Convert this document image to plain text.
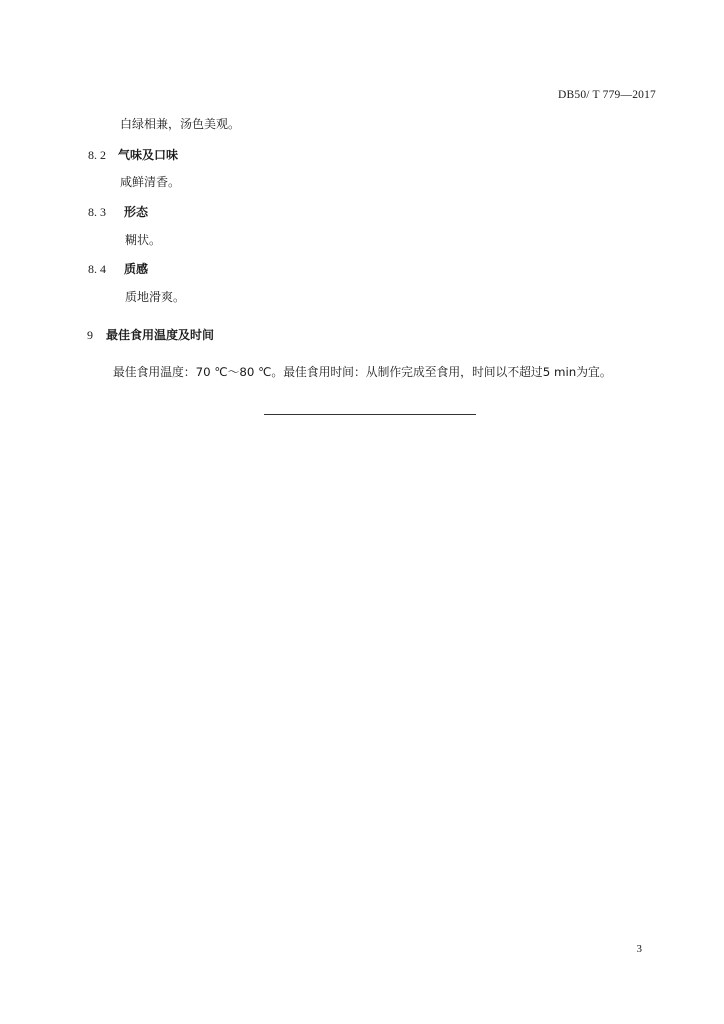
DB50/ T 779—2017
白绿相兼，汤色美观。
8. 2 气味及口味
咸鲜清香。
8. 3 形态
糊状。
8. 4 质感
质地滑爽。
9 最佳食用温度及时间
最佳食用温度：70 ℃～80 ℃。最佳食用时间：从制作完成至食用，时间以不超过5 min为宜。
3
